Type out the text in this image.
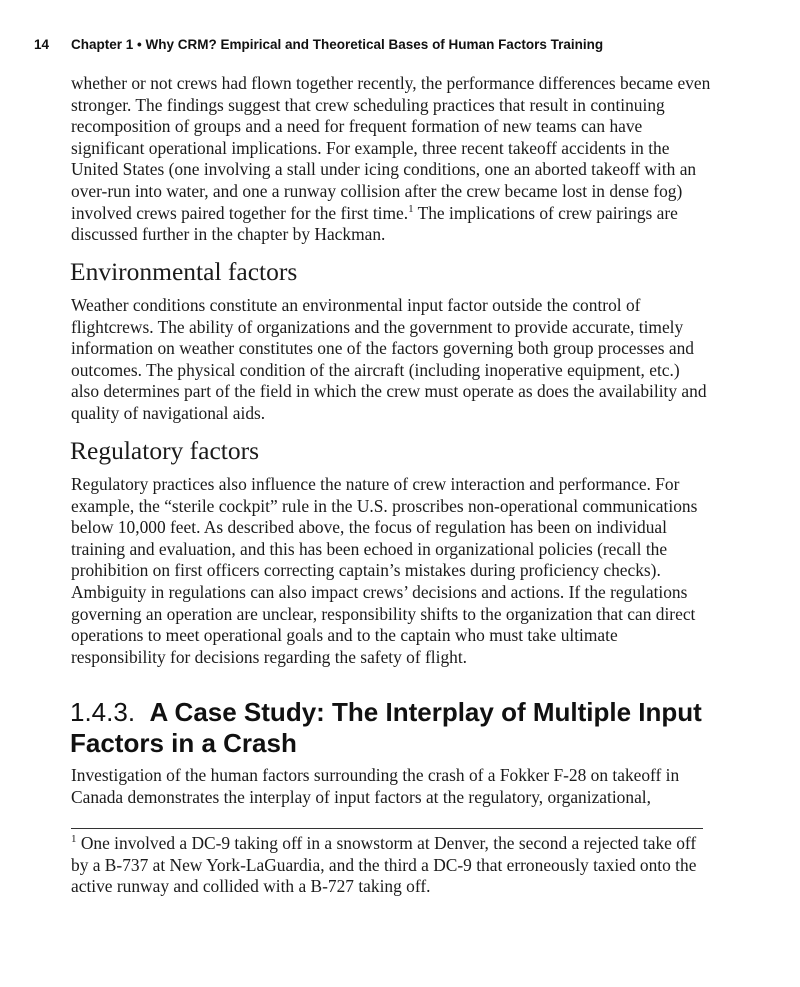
14 Chapter 1 • Why CRM? Empirical and Theoretical Bases of Human Factors Training

whether or not crews had flown together recently, the performance differences became even stronger. The findings suggest that crew scheduling practices that result in continuing recomposition of groups and a need for frequent formation of new teams can have significant operational implications. For example, three recent takeoff accidents in the United States (one involving a stall under icing conditions, one an aborted takeoff with an over-run into water, and one a runway collision after the crew became lost in dense fog) involved crews paired together for the first time.$^1$ The implications of crew pairings are discussed further in the chapter by Hackman.

Environmental factors

Weather conditions constitute an environmental input factor outside the control of flightcrews. The ability of organizations and the government to provide accurate, timely information on weather constitutes one of the factors governing both group processes and outcomes. The physical condition of the aircraft (including inoperative equipment, etc.) also determines part of the field in which the crew must operate as does the availability and quality of navigational aids.

Regulatory factors

Regulatory practices also influence the nature of crew interaction and performance. For example, the “sterile cockpit” rule in the U.S. proscribes non-operational communications below 10,000 feet. As described above, the focus of regulation has been on individual training and evaluation, and this has been echoed in organizational policies (recall the prohibition on first officers correcting captain’s mistakes during proficiency checks). Ambiguity in regulations can also impact crews’ decisions and actions. If the regulations governing an operation are unclear, responsibility shifts to the organization that can direct operations to meet operational goals and to the captain who must take ultimate responsibility for decisions regarding the safety of flight.

1.4.3. A Case Study: The Interplay of Multiple Input Factors in a Crash

Investigation of the human factors surrounding the crash of a Fokker F-28 on takeoff in Canada demonstrates the interplay of input factors at the regulatory, organizational,

$^1$ One involved a DC-9 taking off in a snowstorm at Denver, the second a rejected take off by a B-737 at New York-LaGuardia, and the third a DC-9 that erroneously taxied onto the active runway and collided with a B-727 taking off.
